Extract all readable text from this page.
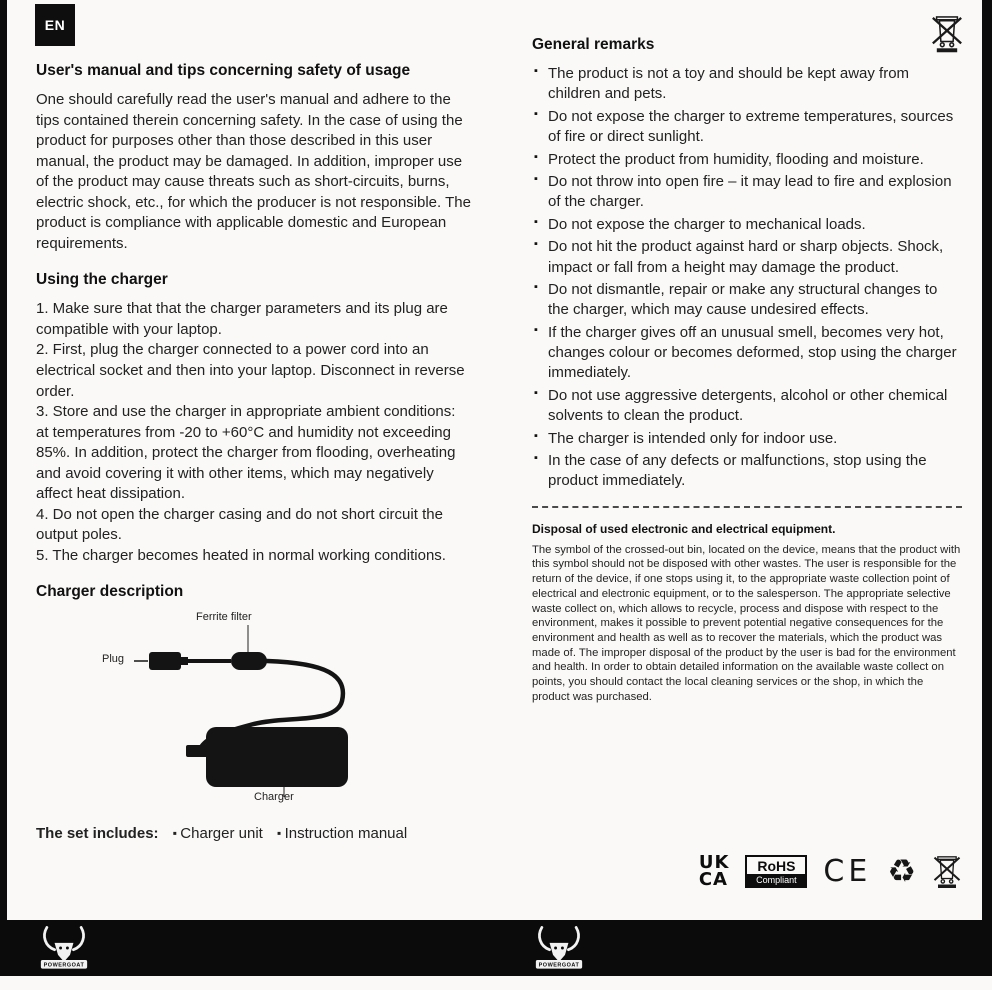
EN
User's manual and tips concerning safety of usage

One should carefully read the user's manual and adhere to the tips contained therein concerning safety. In the case of using the product for purposes other than those described in this user manual, the product may be damaged. In addition, improper use of the product may cause threats such as short-circuits, burns, electric shock, etc., for which the producer is not responsible. The product is compliance with applicable domestic and European requirements.

Using the charger

1. Make sure that that the charger parameters and its plug are compatible with your laptop.

2. First, plug the charger connected to a power cord into an electrical socket and then into your laptop. Disconnect in reverse order.

3. Store and use the charger in appropriate ambient conditions: at temperatures from -20 to +60°C and humidity not exceeding 85%. In addition, protect the charger from flooding, overheating and avoid covering it with other items, which may negatively affect heat dissipation.

4. Do not open the charger casing and do not short circuit the output poles.

5. The charger becomes heated in normal working conditions.

Charger description
Ferrite filter
Plug
Charger
The set includes: ▪ Charger unit ▪ Instruction manual
General remarks
▪ The product is not a toy and should be kept away from children and pets.
▪ Do not expose the charger to extreme temperatures, sources of fire or direct sunlight.
▪ Protect the product from humidity, flooding and moisture.
▪ Do not throw into open fire – it may lead to fire and explosion of the charger.
▪ Do not expose the charger to mechanical loads.
▪ Do not hit the product against hard or sharp objects. Shock, impact or fall from a height may damage the product.
▪ Do not dismantle, repair or make any structural changes to the charger, which may cause undesired effects.
▪ If the charger gives off an unusual smell, becomes very hot, changes colour or becomes deformed, stop using the charger immediately.
▪ Do not use aggressive detergents, alcohol or other chemical solvents to clean the product.
▪ The charger is intended only for indoor use.
▪ In the case of any defects or malfunctions, stop using the product immediately.
Disposal of used electronic and electrical equipment.
The symbol of the crossed-out bin, located on the device, means that the product with this symbol should not be disposed with other wastes. The user is responsible for the return of the device, if one stops using it, to the appropriate waste collection point of electrical and electronic equipment, or to the salesperson. The appropriate selective waste collect on, which allows to recycle, process and dispose with respect to the environment, makes it possible to prevent potential negative consequences for the environment and health as well as to recover the materials, which the product was made of. The improper disposal of the product by the user is bad for the environment and health. In order to obtain detailed information on the available waste collect on points, you should contact the local cleaning services or the shop, in which the product was purchased.
UK
CA
RoHS
Compliant CE ♻
POWERGOAT	POWERGOAT
